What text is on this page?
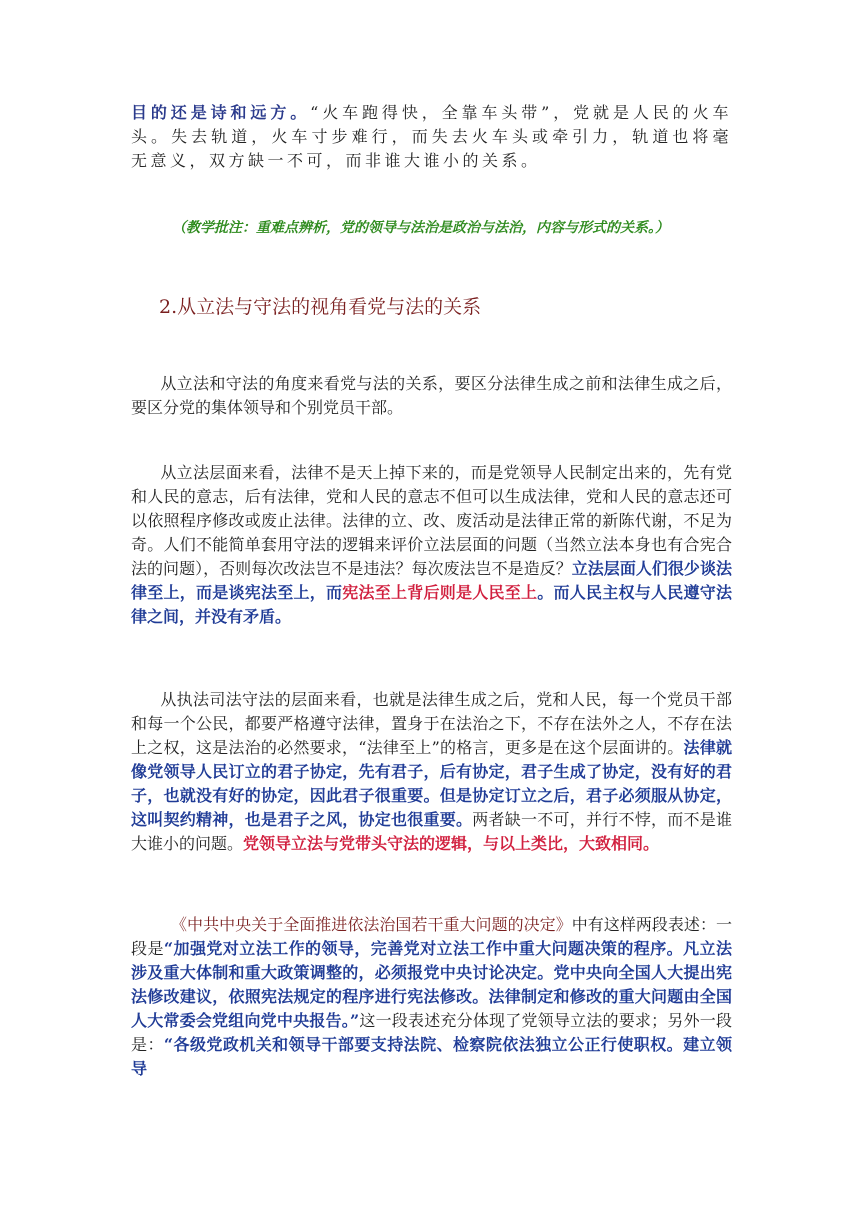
目的还是诗和远方。“火车跑得快，全靠车头带”，党就是人民的火车头。失去轨道，火车寸步难行，而失去火车头或牵引力，轨道也将毫无意义，双方缺一不可，而非谁大谁小的关系。

（教学批注：重难点辨析，党的领导与法治是政治与法治，内容与形式的关系。）

2.从立法与守法的视角看党与法的关系

从立法和守法的角度来看党与法的关系，要区分法律生成之前和法律生成之后，要区分党的集体领导和个别党员干部。

从立法层面来看，法律不是天上掉下来的，而是党领导人民制定出来的，先有党和人民的意志，后有法律，党和人民的意志不但可以生成法律，党和人民的意志还可以依照程序修改或废止法律。法律的立、改、废活动是法律正常的新陈代谢，不足为奇。人们不能简单套用守法的逻辑来评价立法层面的问题（当然立法本身也有合宪合法的问题），否则每次改法岂不是违法？每次废法岂不是造反？立法层面人们很少谈法律至上，而是谈宪法至上，而宪法至上背后则是人民至上。而人民主权与人民遵守法律之间，并没有矛盾。

从执法司法守法的层面来看，也就是法律生成之后，党和人民，每一个党员干部和每一个公民，都要严格遵守法律，置身于在法治之下，不存在法外之人，不存在法上之权，这是法治的必然要求，“法律至上”的格言，更多是在这个层面讲的。法律就像党领导人民订立的君子协定，先有君子，后有协定，君子生成了协定，没有好的君子，也就没有好的协定，因此君子很重要。但是协定订立之后，君子必须服从协定，这叫契约精神，也是君子之风，协定也很重要。两者缺一不可，并行不悖，而不是谁大谁小的问题。党领导立法与党带头守法的逻辑，与以上类比，大致相同。

《中共中央关于全面推进依法治国若干重大问题的决定》中有这样两段表述：一段是“加强党对立法工作的领导，完善党对立法工作中重大问题决策的程序。凡立法涉及重大体制和重大政策调整的，必须报党中央讨论决定。党中央向全国人大提出宪法修改建议，依照宪法规定的程序进行宪法修改。法律制定和修改的重大问题由全国人大常委会党组向党中央报告。”这一段表述充分体现了党领导立法的要求；另外一段是：“各级党政机关和领导干部要支持法院、检察院依法独立公正行使职权。建立领导
